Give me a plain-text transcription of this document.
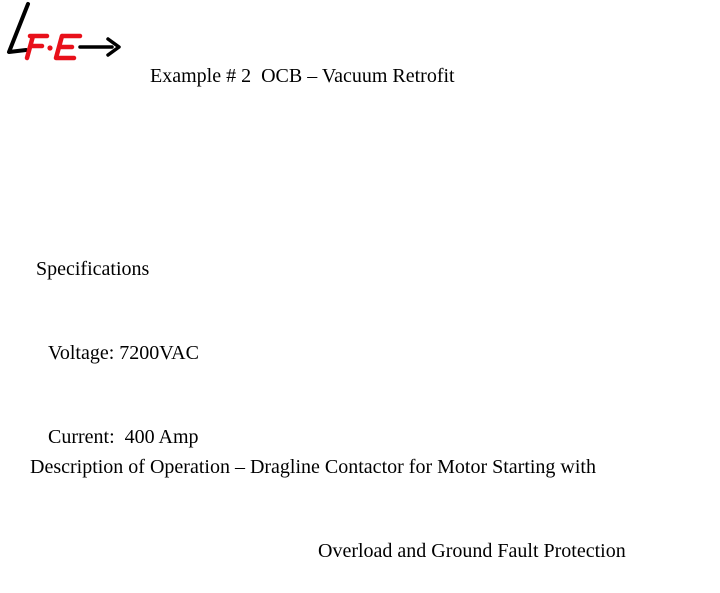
Example # 2  OCB – Vacuum Retrofit

Specifications

Voltage: 7200VAC

Current:  400 Amp

Description of Operation – Dragline Contactor for Motor Starting with

Overload and Ground Fault Protection
